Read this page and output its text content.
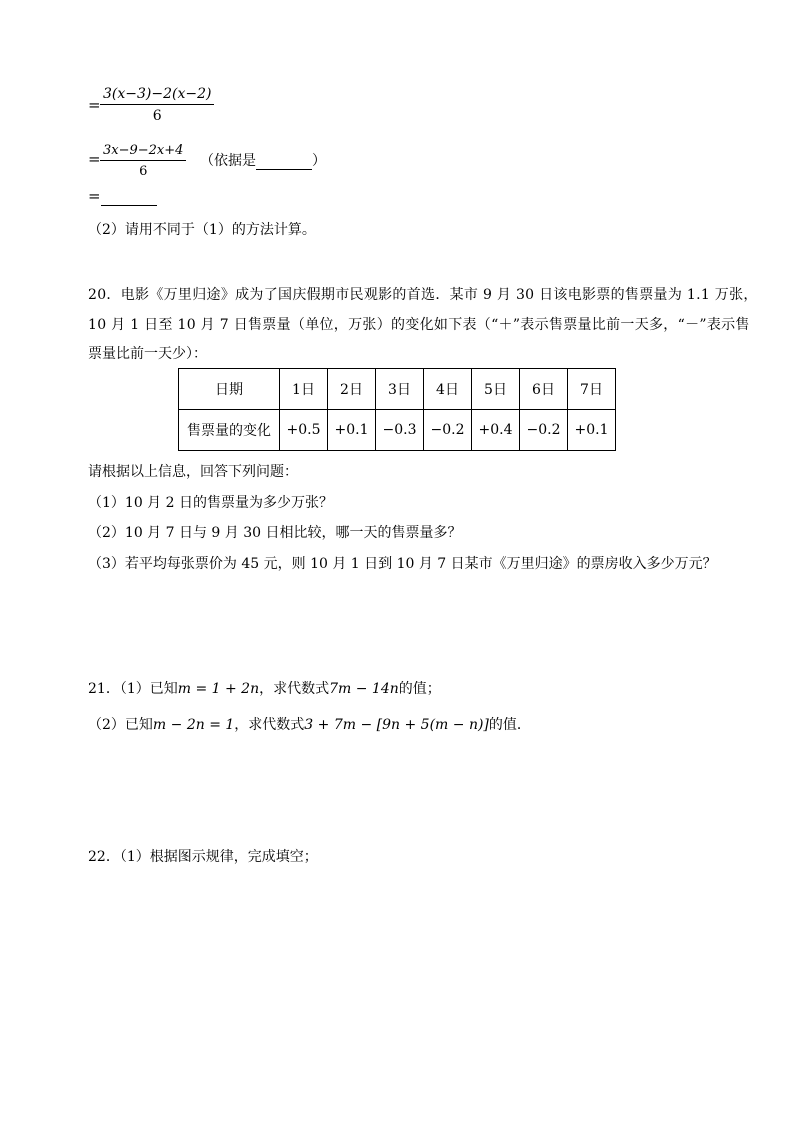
= $\frac{3(x-3)-2(x-2)}{6}$
= $\frac{3x-9-2x+4}{6}$ （依据是	）
=
（2）请用不同于（1）的方法计算。
20．电影《万里归途》成为了国庆假期市民观影的首选．某市 9 月 30 日该电影票的售票量为 1.1 万张，
10 月 1 日至 10 月 7 日售票量（单位，万张）的变化如下表（“＋”表示售票量比前一天多，“－”表示售
票量比前一天少）：
日期	1日	2日	3日	4日	5日	6日	7日
售票量的变化	+0.5	+0.1	−0.3	−0.2	+0.4	−0.2	+0.1
请根据以上信息，回答下列问题：
（1）10 月 2 日的售票量为多少万张？
（2）10 月 7 日与 9 月 30 日相比较，哪一天的售票量多？
（3）若平均每张票价为 45 元，则 10 月 1 日到 10 月 7 日某市《万里归途》的票房收入多少万元？
21．（1）已知m = 1 + 2n，求代数式7m − 14n的值；
（2）已知m − 2n = 1，求代数式3 + 7m − [9n + 5(m − n)]的值．
22．（1）根据图示规律，完成填空；
